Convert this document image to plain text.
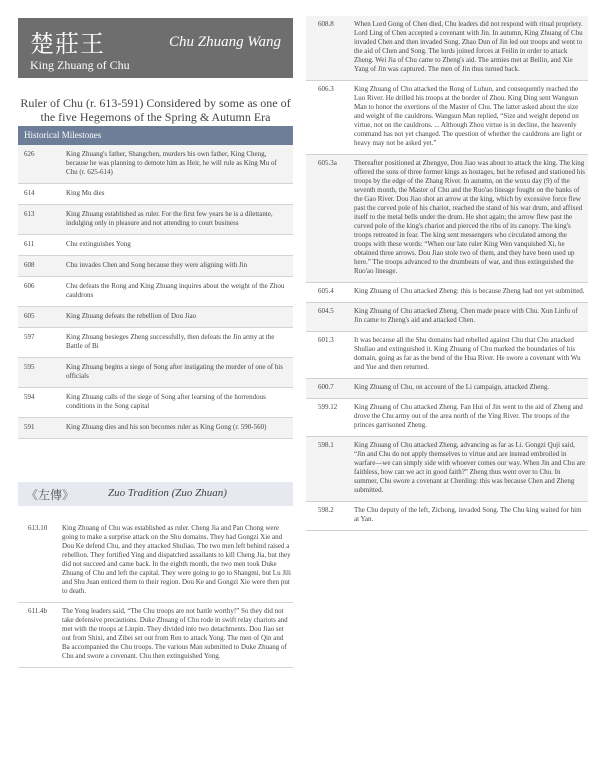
楚莊王	Chu Zhuang Wang
King Zhuang of Chu
Ruler of Chu (r. 613-591) Considered by some as one of
the five Hegemons of the Spring & Autumn Era
Historical Milestones
626	King Zhuang's father, Shangchen, murders his own father, King Cheng, because he was planning to demote him as Heir, he will rule as King Mu of Chu (r. 625-614)
614	King Mu dies
613	King Zhuang established as ruler. For the first few years he is a dilettante, indulging only in pleasure and not attending to court business
611	Chu extinguishes Yong
608	Chu invades Chen and Song because they were aligning with Jin
606	Chu defeats the Rong and King Zhuang inquires about the weight of the Zhou cauldrons
605	King Zhuang defeats the rebellion of Dou Jiao
597	King Zhuang besieges Zheng successfully, then defeats the Jin army at the Battle of Bi
595	King Zhuang begins a siege of Song after instigating the murder of one of his officials
594	King Zhuang calls of the siege of Song after learning of the horrendous conditions in the Song capital
591	King Zhuang dies and his son becomes ruler as King Gong (r. 590-560)
《左傳》	Zuo Tradition (Zuo Zhuan)
613.10	King Zhuang of Chu was established as ruler. Cheng Jia and Pan Chong were going to make a surprise attack on the Shu domains. They had Gongzi Xie and Dou Ke defend Chu, and they attacked Shuliao. The two men left behind raised a rebellion. They fortified Ying and dispatched assailants to kill Cheng Jia, but they did not succeed and came back. In the eighth month, the two men took Duke Zhuang of Chu and left the capital. They were going to go to Shangmi, but Lu Jili and Shu Juan enticed them to their region. Dou Ke and Gongzi Xie were then put to death.
611.4b	The Yong leaders said, “The Chu troops are not battle worthy!” So they did not take defensive precautions. Duke Zhuang of Chu rode in swift relay chariots and met with the troops at Linpin. They divided into two detachments. Dou Jiao set out from Shixi, and Zibei set out from Ren to attack Yong. The men of Qin and Ba accompanied the Chu troops. The various Man submitted to Duke Zhuang of Chu and swore a covenant. Chu then extinguished Yong.
608.8	When Lord Gong of Chen died, Chu leaders did not respond with ritual propriety. Lord Ling of Chen accepted a covenant with Jin. In autumn, King Zhuang of Chu invaded Chen and then invaded Song. Zhao Dun of Jin led out troops and went to the aid of Chen and Song. The lords joined forces at Feilin in order to attack Zheng. Wei Jia of Chu came to Zheng's aid. The armies met at Beilin, and Xie Yang of Jin was captured. The men of Jin thus turned back.
606.3	King Zhuang of Chu attacked the Rong of Luhun, and consequently reached the Luo River. He drilled his troops at the border of Zhou. King Ding sent Wangsun Man to honor the exertions of the Master of Chu. The latter asked about the size and weight of the cauldrons. Wangsun Man replied, “Size and weight depend on virtue, not on the cauldrons. ... Although Zhou virtue is in decline, the heavenly command has not yet changed. The question of whether the cauldrons are light or heavy may not be asked yet.”
605.3a	Thereafter positioned at Zhengye, Dou Jiao was about to attack the king. The king offered the sons of three former kings as hostages, but he refused and stationed his troops by the edge of the Zhang River. In autumn, on the wuxu day (9) of the seventh month, the Master of Chu and the Ruo'ao lineage fought on the banks of the Gao River. Dou Jiao shot an arrow at the king, which by excessive force flew past the curved pole of his chariot, reached the stand of his war drum, and affixed itself to the metal bells under the drum. He shot again; the arrow flew past the curved pole of the king's chariot and pierced the ribs of its canopy. The king's troops retreated in fear. The king sent messengers who circulated among the troops with these words: “When our late ruler King Wen vanquished Xi, he obtained three arrows. Dou Jiao stole two of them, and they have been used up here.” The troops advanced to the drumbeats of war, and thus extinguished the Ruo'ao lineage.
605.4	King Zhuang of Chu attacked Zheng: this is because Zheng had not yet submitted.
604.5	King Zhuang of Chu attacked Zheng. Chen made peace with Chu. Xun Linfu of Jin came to Zheng's aid and attacked Chen.
601.3	It was because all the Shu domains had rebelled against Chu that Chu attacked Shuliao and extinguished it. King Zhuang of Chu marked the boundaries of his domain, going as far as the bend of the Hua River. He swore a covenant with Wu and Yue and then returned.
600.7	King Zhuang of Chu, on account of the Li campaign, attacked Zheng.
599.12	King Zhuang of Chu attacked Zheng. Fan Hui of Jin went to the aid of Zheng and drove the Chu army out of the area north of the Ying River. The troops of the princes garrisoned Zheng.
598.1	King Zhuang of Chu attacked Zheng, advancing as far as Li. Gongzi Quji said, “Jin and Chu do not apply themselves to virtue and are instead embroiled in warfare—we can simply side with whoever comes our way. When Jin and Chu are faithless, how can we act in good faith?” Zheng thus went over to Chu. In summer, Chu swore a covenant at Chenling: this was because Chen and Zheng submitted.
598.2	The Chu deputy of the left, Zichong, invaded Song. The Chu king waited for him at Yan.
